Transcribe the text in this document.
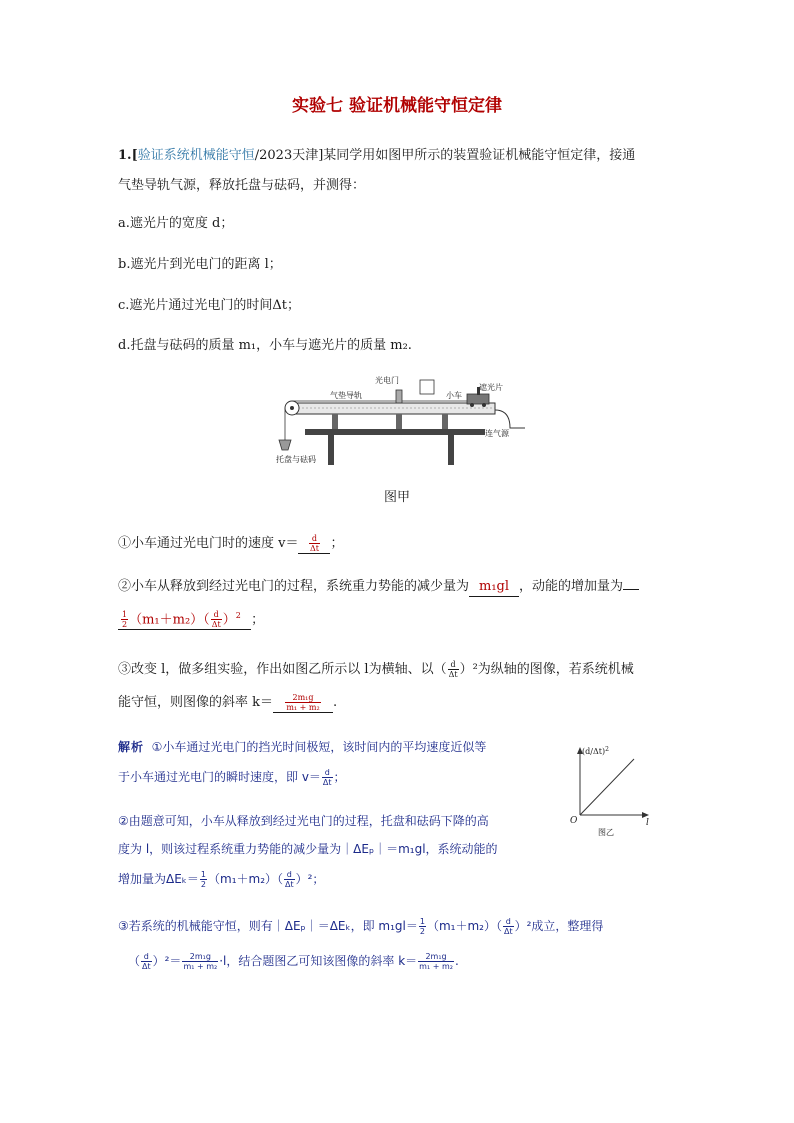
实验七 验证机械能守恒定律
1.[验证系统机械能守恒/2023天津]某同学用如图甲所示的装置验证机械能守恒定律，接通
气垫导轨气源，释放托盘与砝码，并测得：
a.遮光片的宽度 d；
b.遮光片到光电门的距离 l；
c.遮光片通过光电门的时间Δt；
d.托盘与砝码的质量 m₁，小车与遮光片的质量 m₂.
光电门
气垫导轨	小车
遮光片
连气源
托盘与砝码
图甲
①小车通过光电门时的速度 $v= \frac{d}{\Delta t}$ ；
②小车从释放到经过光电门的过程，系统重力势能的减少量为 m₁gl ，动能的增加量为
$\frac{1}{2} (m_1+m_2)( \frac{d}{\Delta t} )^2$ ；
③改变 l，做多组实验，作出如图乙所示以 l为横轴、以（ $\frac{d}{\Delta t} )^2$为纵轴的图像，若系统机械
能守恒，则图像的斜率 $k= \frac{\text{2m₁g}}{\text{m₁ + m₂}}$ .
解析 ①小车通过光电门的挡光时间极短，该时间内的平均速度近似等
于小车通过光电门的瞬时速度，即 $v= \frac{d}{\Delta t}$ ；
②由题意可知，小车从释放到经过光电门的过程，托盘和砝码下降的高
度为 l，则该过程系统重力势能的减少量为｜ΔEₚ｜＝m₁gl，系统动能的
增加量为$\Delta E_k= \frac{1}{2} (m_1+m_2)( \frac{d}{\Delta t} )^2$；
③若系统的机械能守恒，则有｜ΔEₚ｜＝ΔEₖ，即 $m_1gl= \frac{1}{2} (m_1+m_2)( \frac{d}{\Delta t} )^2$成立，整理得
（ $\frac{d}{\Delta t} )^2= \frac{\text{2m₁g}}{\text{m₁ + m₂}} \cdot l$，结合题图乙可知该图像的斜率 $k= \frac{\text{2m₁g}}{\text{m₁ + m₂}}$ .
$(d/\Delta t)^2$
O	l
图乙
